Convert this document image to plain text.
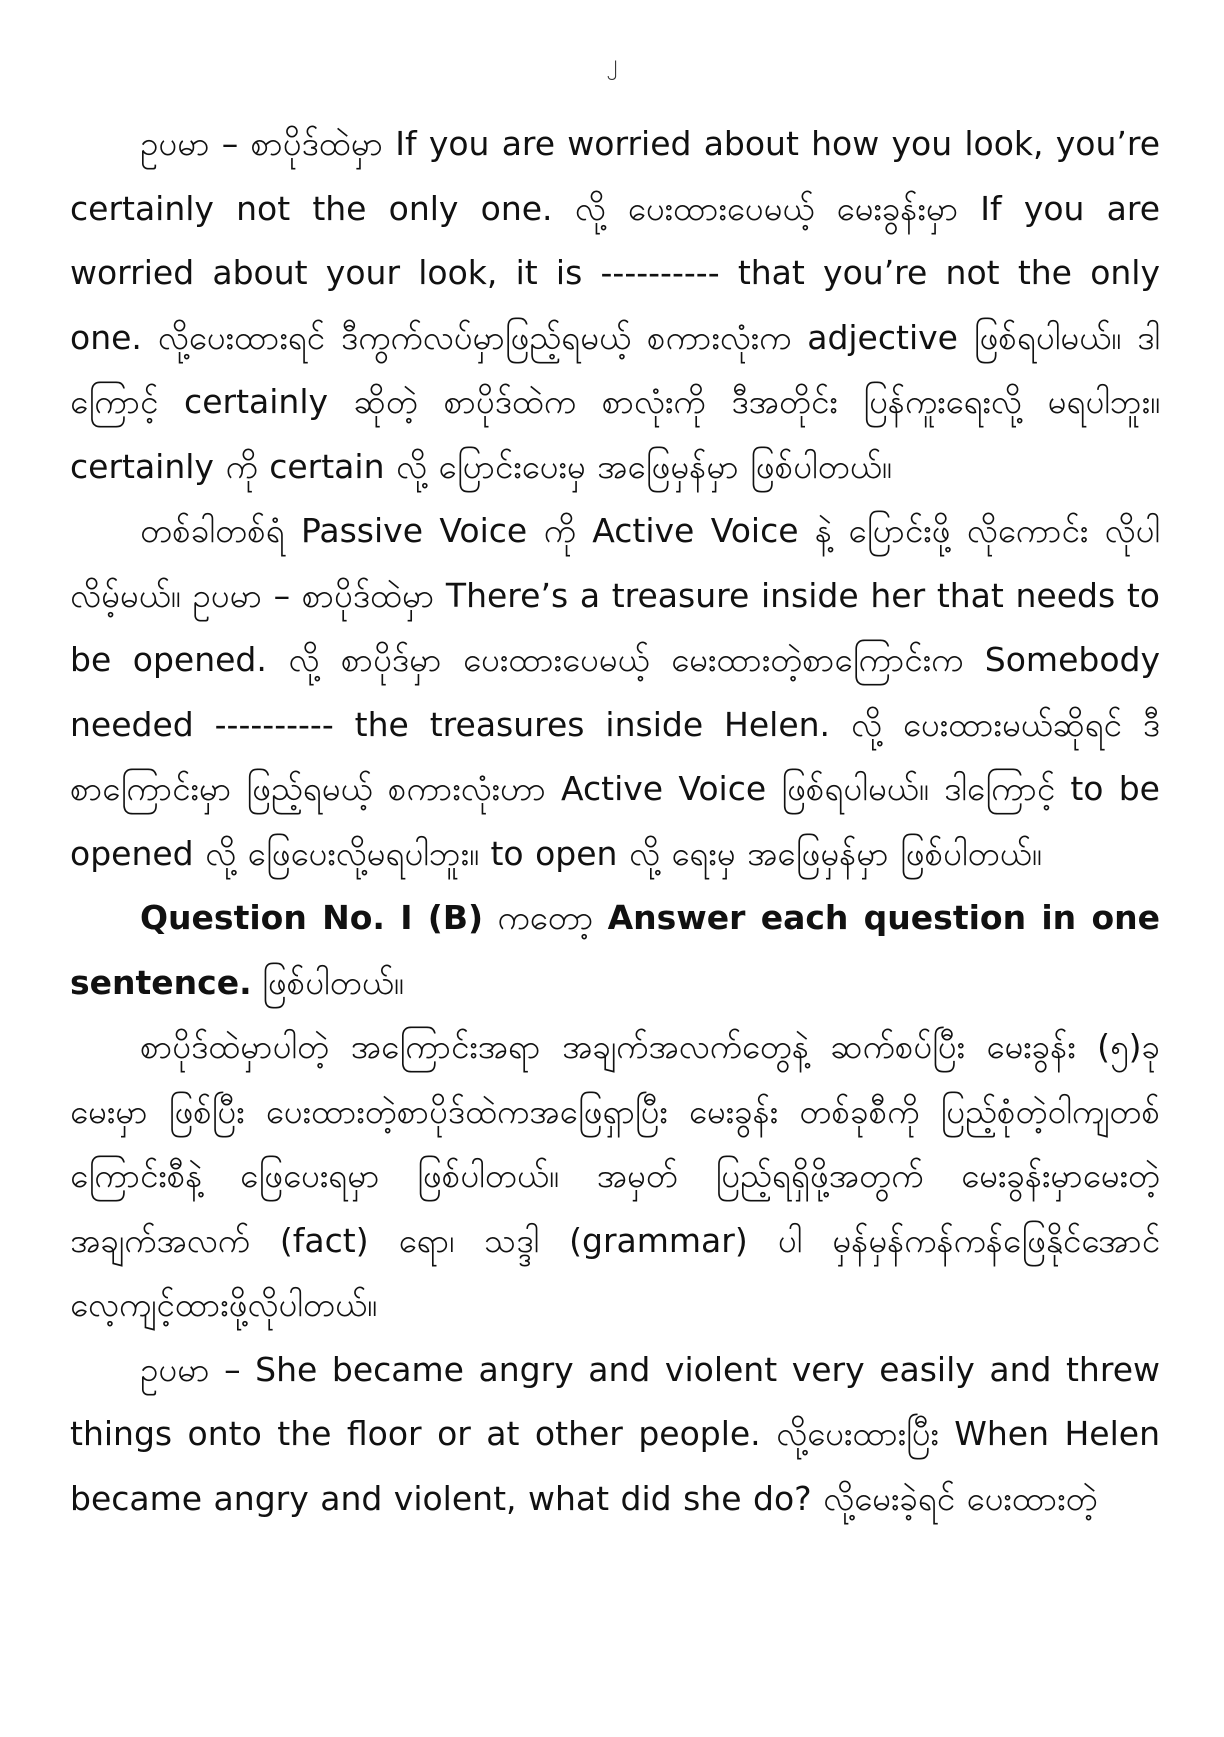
၂

ဥပမာ – စာပိုဒ်ထဲမှာ If you are worried about how you look, you’re certainly not the only one. လို့ ပေးထားပေမယ့် မေးခွန်းမှာ If you are worried about your look, it is ---------- that you’re not the only one. လို့ပေးထားရင် ဒီကွက်လပ်မှာဖြည့်ရမယ့် စကားလုံးက adjective ဖြစ်ရပါမယ်။ ဒါကြောင့် certainly ဆိုတဲ့ စာပိုဒ်ထဲက စာလုံးကို ဒီအတိုင်း ပြန်ကူးရေးလို့ မရပါဘူး။ certainly ကို certain လို့ ပြောင်းပေးမှ အဖြေမှန်မှာ ဖြစ်ပါတယ်။

တစ်ခါတစ်ရံ Passive Voice ကို Active Voice နဲ့ ပြောင်းဖို့ လိုကောင်း လိုပါလိမ့်မယ်။ ဥပမာ – စာပိုဒ်ထဲမှာ There’s a treasure inside her that needs to be opened. လို့ စာပိုဒ်မှာ ပေးထားပေမယ့် မေးထားတဲ့စာကြောင်းက Somebody needed ---------- the treasures inside Helen. လို့ ပေးထားမယ်ဆိုရင် ဒီစာကြောင်းမှာ ဖြည့်ရမယ့် စကားလုံးဟာ Active Voice ဖြစ်ရပါမယ်။ ဒါကြောင့် to be opened လို့ ဖြေပေးလို့မရပါဘူး။ to open လို့ ရေးမှ အဖြေမှန်မှာ ဖြစ်ပါတယ်။

Question No. I (B) ကတော့ Answer each question in one sentence. ဖြစ်ပါတယ်။

စာပိုဒ်ထဲမှာပါတဲ့ အကြောင်းအရာ အချက်အလက်တွေနဲ့ ဆက်စပ်ပြီး မေးခွန်း (၅)ခု မေးမှာ ဖြစ်ပြီး ပေးထားတဲ့စာပိုဒ်ထဲကအဖြေရှာပြီး မေးခွန်း တစ်ခုစီကို ပြည့်စုံတဲ့ဝါကျတစ်ကြောင်းစီနဲ့ ဖြေပေးရမှာ ဖြစ်ပါတယ်။ အမှတ် ပြည့်ရရှိဖို့အတွက် မေးခွန်းမှာမေးတဲ့ အချက်အလက် (fact) ရော၊ သဒ္ဒါ (grammar) ပါ မှန်မှန်ကန်ကန်ဖြေနိုင်အောင် လေ့ကျင့်ထားဖို့လိုပါတယ်။

ဥပမာ – She became angry and violent very easily and threw things onto the floor or at other people. လို့ပေးထားပြီး When Helen became angry and violent, what did she do? လို့မေးခဲ့ရင် ပေးထားတဲ့
